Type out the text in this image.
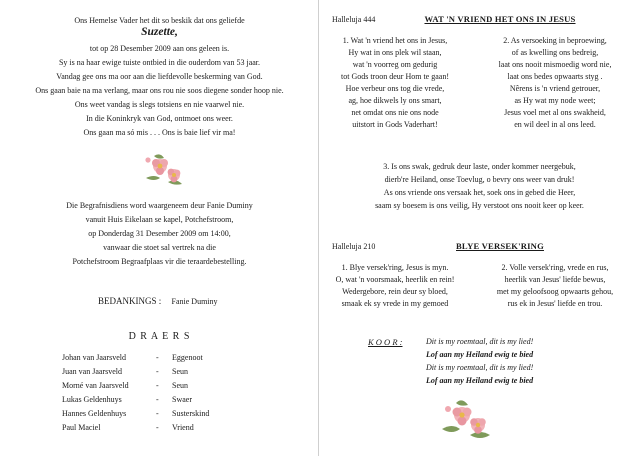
Ons Hemelse Vader het dit so beskik dat ons geliefde
Suzette,
tot op 28 Desember 2009 aan ons geleen is.
Sy is na haar ewige tuiste ontbied in die ouderdom van 53 jaar.
Vandag gee ons ma oor aan die liefdevolle beskerming van God.
Ons gaan baie na ma verlang, maar ons rou nie soos diegene sonder hoop nie.
Ons weet vandag is slegs totsiens en nie vaarwel nie.
In die Koninkryk van God, ontmoet ons weer.
Ons gaan ma só mis . . . Ons is baie lief vir ma!
Die Begrafnisdiens word waargeneem deur Fanie Duminy
vanuit Huis Eikelaan se kapel, Potchefstroom,
op Donderdag 31 Desember 2009 om 14:00,
vanwaar die stoet sal vertrek na die
Potchefstroom Begraafplaas vir die teraardebestelling.
BEDANKINGS : Fanie Duminy
D R A E R S
Johan van Jaarsveld	-	Eggenoot
Juan van Jaarsveld	-	Seun
Morné van Jaarsveld	-	Seun
Lukas Geldenhuys	-	Swaer
Hannes Geldenhuys	-	Susterskind
Paul Maciel	-	Vriend
Halleluja 444	WAT 'N VRIEND HET ONS IN JESUS
1. Wat 'n vriend het ons in Jesus,
Hy wat in ons plek wil staan,
wat 'n voorreg om gedurig
tot Gods troon deur Hom te gaan!
Hoe verbeur ons tog die vrede,
ag, hoe dikwels ly ons smart,
net omdat ons nie ons node
uitstort in Gods Vaderhart!
2. As versoeking in beproewing,
of as kwelling ons bedreig,
laat ons nooit mismoedig word nie,
laat ons bedes opwaarts styg .
Nêrens is 'n vriend getrouer,
as Hy wat my node weet;
Jesus voel met al ons swakheid,
en wil deel in al ons leed.
3. Is ons swak, gedruk deur laste, onder kommer neergebuk,
dierb're Heiland, onse Toevlug, o bevry ons weer van druk!
As ons vriende ons versaak het, soek ons in gebed die Heer,
saam sy boesem is ons veilig, Hy verstoot ons nooit keer op keer.
Halleluja 210	BLYE VERSEK'RING
1. Blye versek'ring, Jesus is myn.
O, wat 'n voorsmaak, heerlik en rein!
Wedergebore, rein deur sy bloed,
smaak ek sy vrede in my gemoed
2. Volle versek'ring, vrede en rus,
heerlik van Jesus' liefde bewus,
met my geloofsoog opwaarts gehou,
rus ek in Jesus' liefde en trou.
K O O R :	Dit is my roemtaal, dit is my lied!
Lof aan my Heiland ewig te bied
Dit is my roemtaal, dit is my lied!
Lof aan my Heiland ewig te bied
